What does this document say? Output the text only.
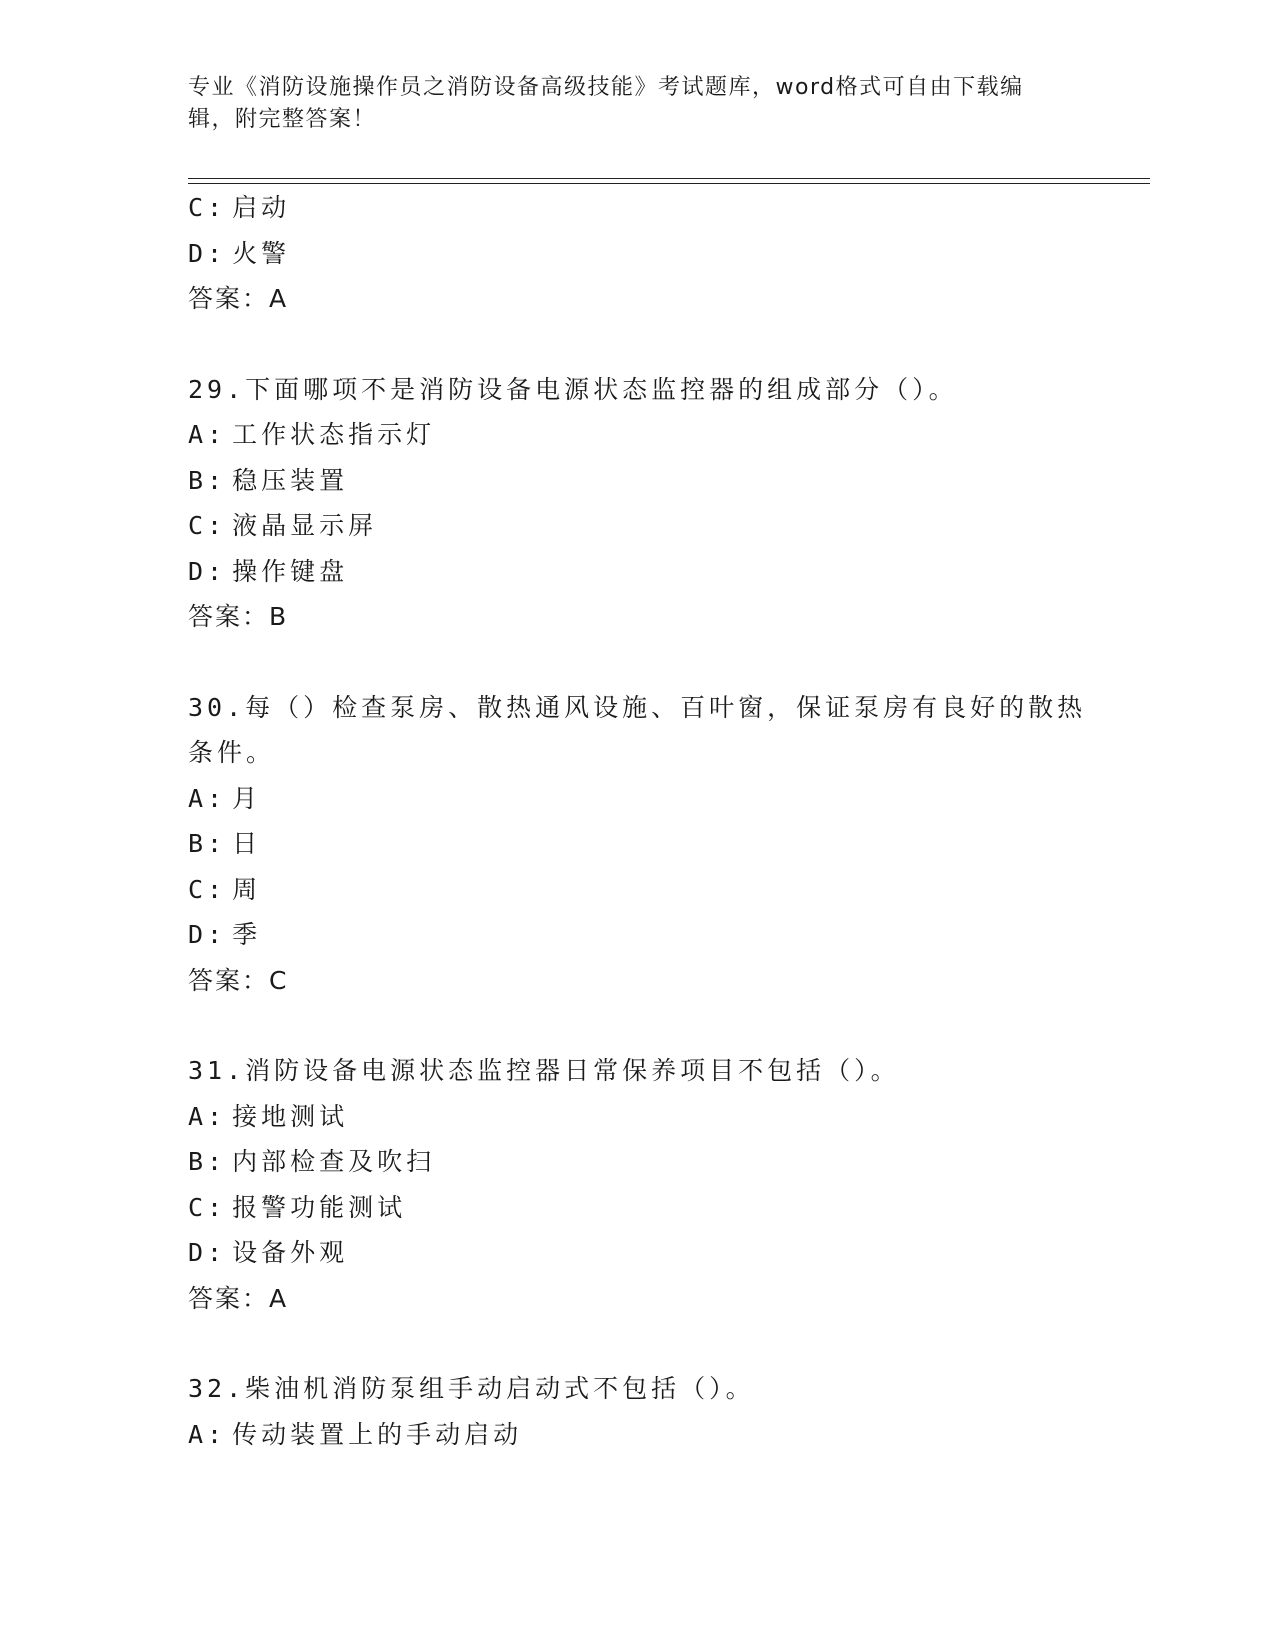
专业《消防设施操作员之消防设备高级技能》考试题库，word格式可自由下载编
辑，附完整答案！
C: 启动
D: 火警
答案：A
29.下面哪项不是消防设备电源状态监控器的组成部分（）。
A: 工作状态指示灯
B: 稳压装置
C: 液晶显示屏
D: 操作键盘
答案：B
30.每（）检查泵房、散热通风设施、百叶窗，保证泵房有良好的散热
条件。
A: 月
B: 日
C: 周
D: 季
答案：C
31.消防设备电源状态监控器日常保养项目不包括（）。
A: 接地测试
B: 内部检查及吹扫
C: 报警功能测试
D: 设备外观
答案：A
32.柴油机消防泵组手动启动式不包括（）。
A: 传动装置上的手动启动
